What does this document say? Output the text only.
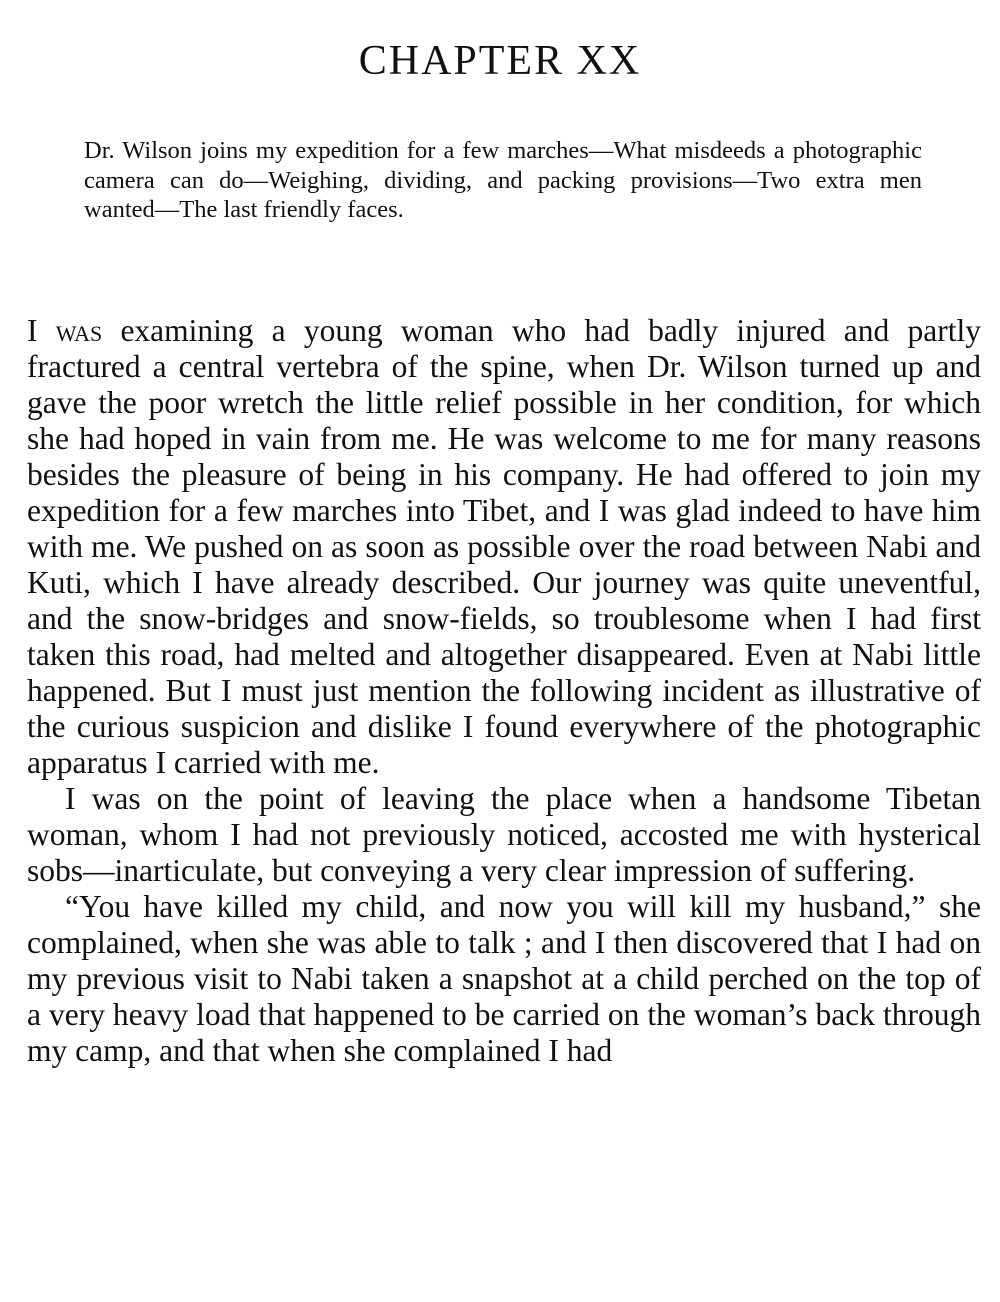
CHAPTER XX

Dr. Wilson joins my expedition for a few marches—What misdeeds a photographic camera can do—Weighing, dividing, and packing provisions—Two extra men wanted—The last friendly faces.

I was examining a young woman who had badly injured and partly fractured a central vertebra of the spine, when Dr. Wilson turned up and gave the poor wretch the little relief possible in her condition, for which she had hoped in vain from me. He was welcome to me for many reasons besides the pleasure of being in his company. He had offered to join my expedition for a few marches into Tibet, and I was glad indeed to have him with me. We pushed on as soon as possible over the road between Nabi and Kuti, which I have already described. Our journey was quite uneventful, and the snow-bridges and snow-fields, so troublesome when I had first taken this road, had melted and altogether disappeared. Even at Nabi little happened. But I must just mention the following incident as illustrative of the curious suspicion and dislike I found everywhere of the photographic apparatus I carried with me.

I was on the point of leaving the place when a handsome Tibetan woman, whom I had not previously noticed, accosted me with hysterical sobs—inarticulate, but conveying a very clear impression of suffering.

“You have killed my child, and now you will kill my husband,” she complained, when she was able to talk ; and I then discovered that I had on my previous visit to Nabi taken a snapshot at a child perched on the top of a very heavy load that happened to be carried on the woman’s back through my camp, and that when she complained I had
